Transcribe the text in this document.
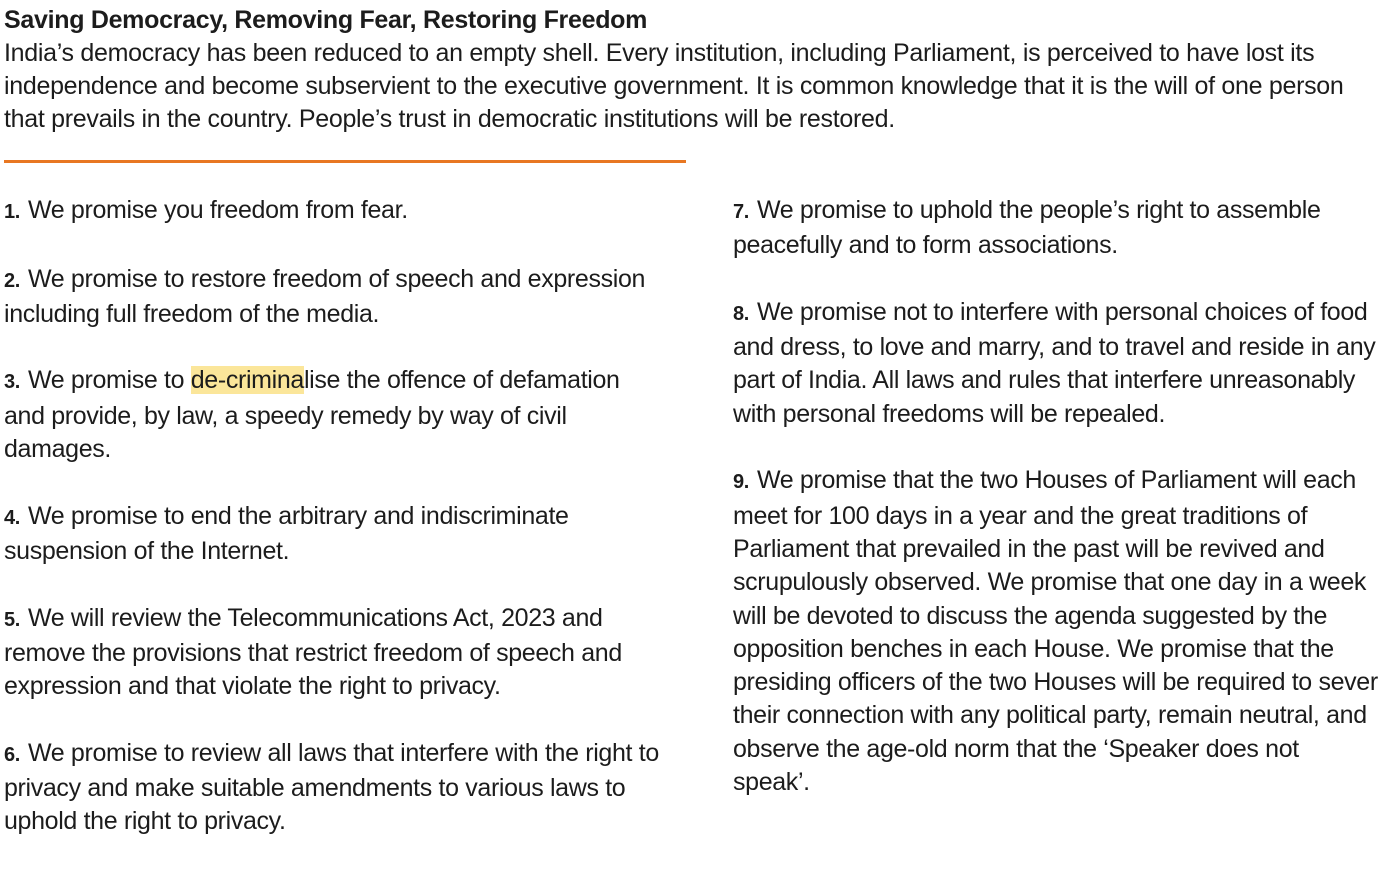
Saving Democracy, Removing Fear, Restoring Freedom
India’s democracy has been reduced to an empty shell. Every institution, including Parliament, is perceived to have lost its independence and become subservient to the executive government. It is common knowledge that it is the will of one person that prevails in the country. People’s trust in democratic institutions will be restored.

1. We promise you freedom from fear.

2. We promise to restore freedom of speech and expression including full freedom of the media.

3. We promise to de-criminalise the offence of defamation and provide, by law, a speedy remedy by way of civil damages.

4. We promise to end the arbitrary and indiscriminate suspension of the Internet.

5. We will review the Telecommunications Act, 2023 and remove the provisions that restrict freedom of speech and expression and that violate the right to privacy.

6. We promise to review all laws that interfere with the right to privacy and make suitable amendments to various laws to uphold the right to privacy.

7. We promise to uphold the people’s right to assemble peacefully and to form associations.

8. We promise not to interfere with personal choices of food and dress, to love and marry, and to travel and reside in any part of India. All laws and rules that interfere unreasonably with personal freedoms will be repealed.

9. We promise that the two Houses of Parliament will each meet for 100 days in a year and the great traditions of Parliament that prevailed in the past will be revived and scrupulously observed. We promise that one day in a week will be devoted to discuss the agenda suggested by the opposition benches in each House. We promise that the presiding officers of the two Houses will be required to sever their connection with any political party, remain neutral, and observe the age-old norm that the ‘Speaker does not speak’.
